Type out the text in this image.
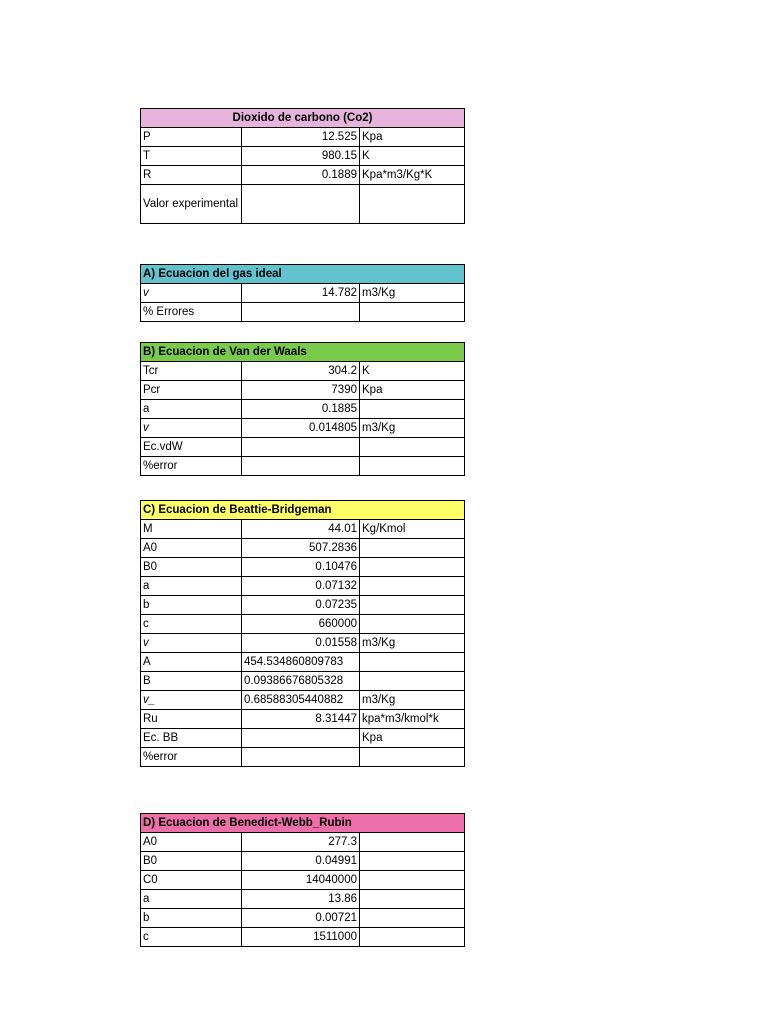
Dioxido de carbono (Co2)		
P	12.525	Kpa
T	980.15	K
R	0.1889	Kpa*m3/Kg*K
Valor experimental		
A) Ecuacion del gas ideal		
v	14.782	m3/Kg
% Errores		
B) Ecuacion de Van der Waals		
Tcr	304.2	K
Pcr	7390	Kpa
a	0.1885	
v	0.014805	m3/Kg
Ec.vdW		
%error		
C) Ecuacion de Beattie-Bridgeman		
M	44.01	Kg/Kmol
A0	507.2836	
B0	0.10476	
a	0.07132	
b	0.07235	
c	660000	
v	0.01558	m3/Kg
A	454.534860809783	
B	0.09386676805328	
v_	0.68588305440882	m3/Kg
Ru	8.31447	kpa*m3/kmol*k
Ec. BB		Kpa
%error		
D) Ecuacion de Benedict-Webb_Rubin		
A0	277.3	
B0	0.04991	
C0	14040000	
a	13.86	
b	0.00721	
c	1511000	
